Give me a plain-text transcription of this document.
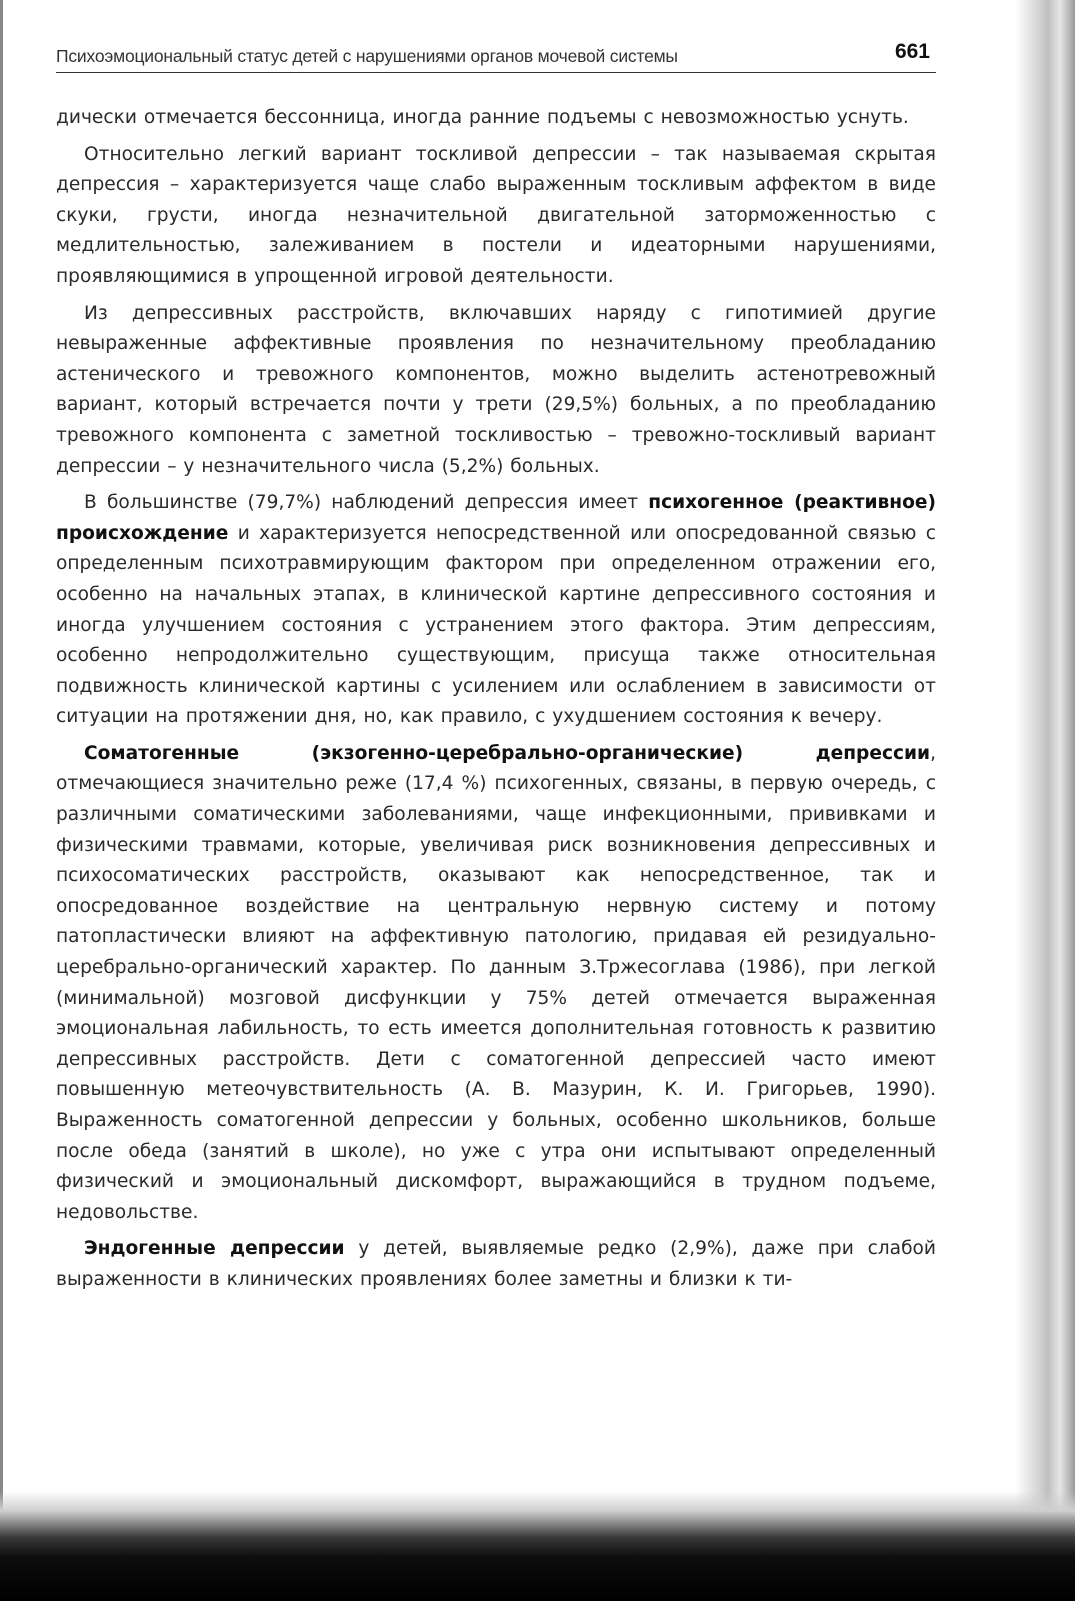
Психоэмоциональный статус детей с нарушениями органов мочевой системы	661

дически отмечается бессонница, иногда ранние подъемы с невозможностью уснуть.

Относительно легкий вариант тоскливой депрессии – так называемая скрытая депрессия – характеризуется чаще слабо выраженным тоскливым аффектом в виде скуки, грусти, иногда незначительной двигательной заторможенностью с медлительностью, залеживанием в постели и идеаторными нарушениями, проявляющимися в упрощенной игровой деятельности.

Из депрессивных расстройств, включавших наряду с гипотимией другие невыраженные аффективные проявления по незначительному преобладанию астенического и тревожного компонентов, можно выделить астенотревожный вариант, который встречается почти у трети (29,5%) больных, а по преобладанию тревожного компонента с заметной тоскливостью – тревожно-тоскливый вариант депрессии – у незначительного числа (5,2%) больных.

В большинстве (79,7%) наблюдений депрессия имеет психогенное (реактивное) происхождение и характеризуется непосредственной или опосредованной связью с определенным психотравмирующим фактором при определенном отражении его, особенно на начальных этапах, в клинической картине депрессивного состояния и иногда улучшением состояния с устранением этого фактора. Этим депрессиям, особенно непродолжительно существующим, присуща также относительная подвижность клинической картины с усилением или ослаблением в зависимости от ситуации на протяжении дня, но, как правило, с ухудшением состояния к вечеру.

Соматогенные (экзогенно-церебрально-органические) депрессии, отмечающиеся значительно реже (17,4 %) психогенных, связаны, в первую очередь, с различными соматическими заболеваниями, чаще инфекционными, прививками и физическими травмами, которые, увеличивая риск возникновения депрессивных и психосоматических расстройств, оказывают как непосредственное, так и опосредованное воздействие на центральную нервную систему и потому патопластически влияют на аффективную патологию, придавая ей резидуально-церебрально-органический характер. По данным З.Тржесоглава (1986), при легкой (минимальной) мозговой дисфункции у 75% детей отмечается выраженная эмоциональная лабильность, то есть имеется дополнительная готовность к развитию депрессивных расстройств. Дети с соматогенной депрессией часто имеют повышенную метеочувствительность (А. В. Мазурин, К. И. Григорьев, 1990). Выраженность соматогенной депрессии у больных, особенно школьников, больше после обеда (занятий в школе), но уже с утра они испытывают определенный физический и эмоциональный дискомфорт, выражающийся в трудном подъеме, недовольстве.

Эндогенные депрессии у детей, выявляемые редко (2,9%), даже при слабой выраженности в клинических проявлениях более заметны и близки к ти-
